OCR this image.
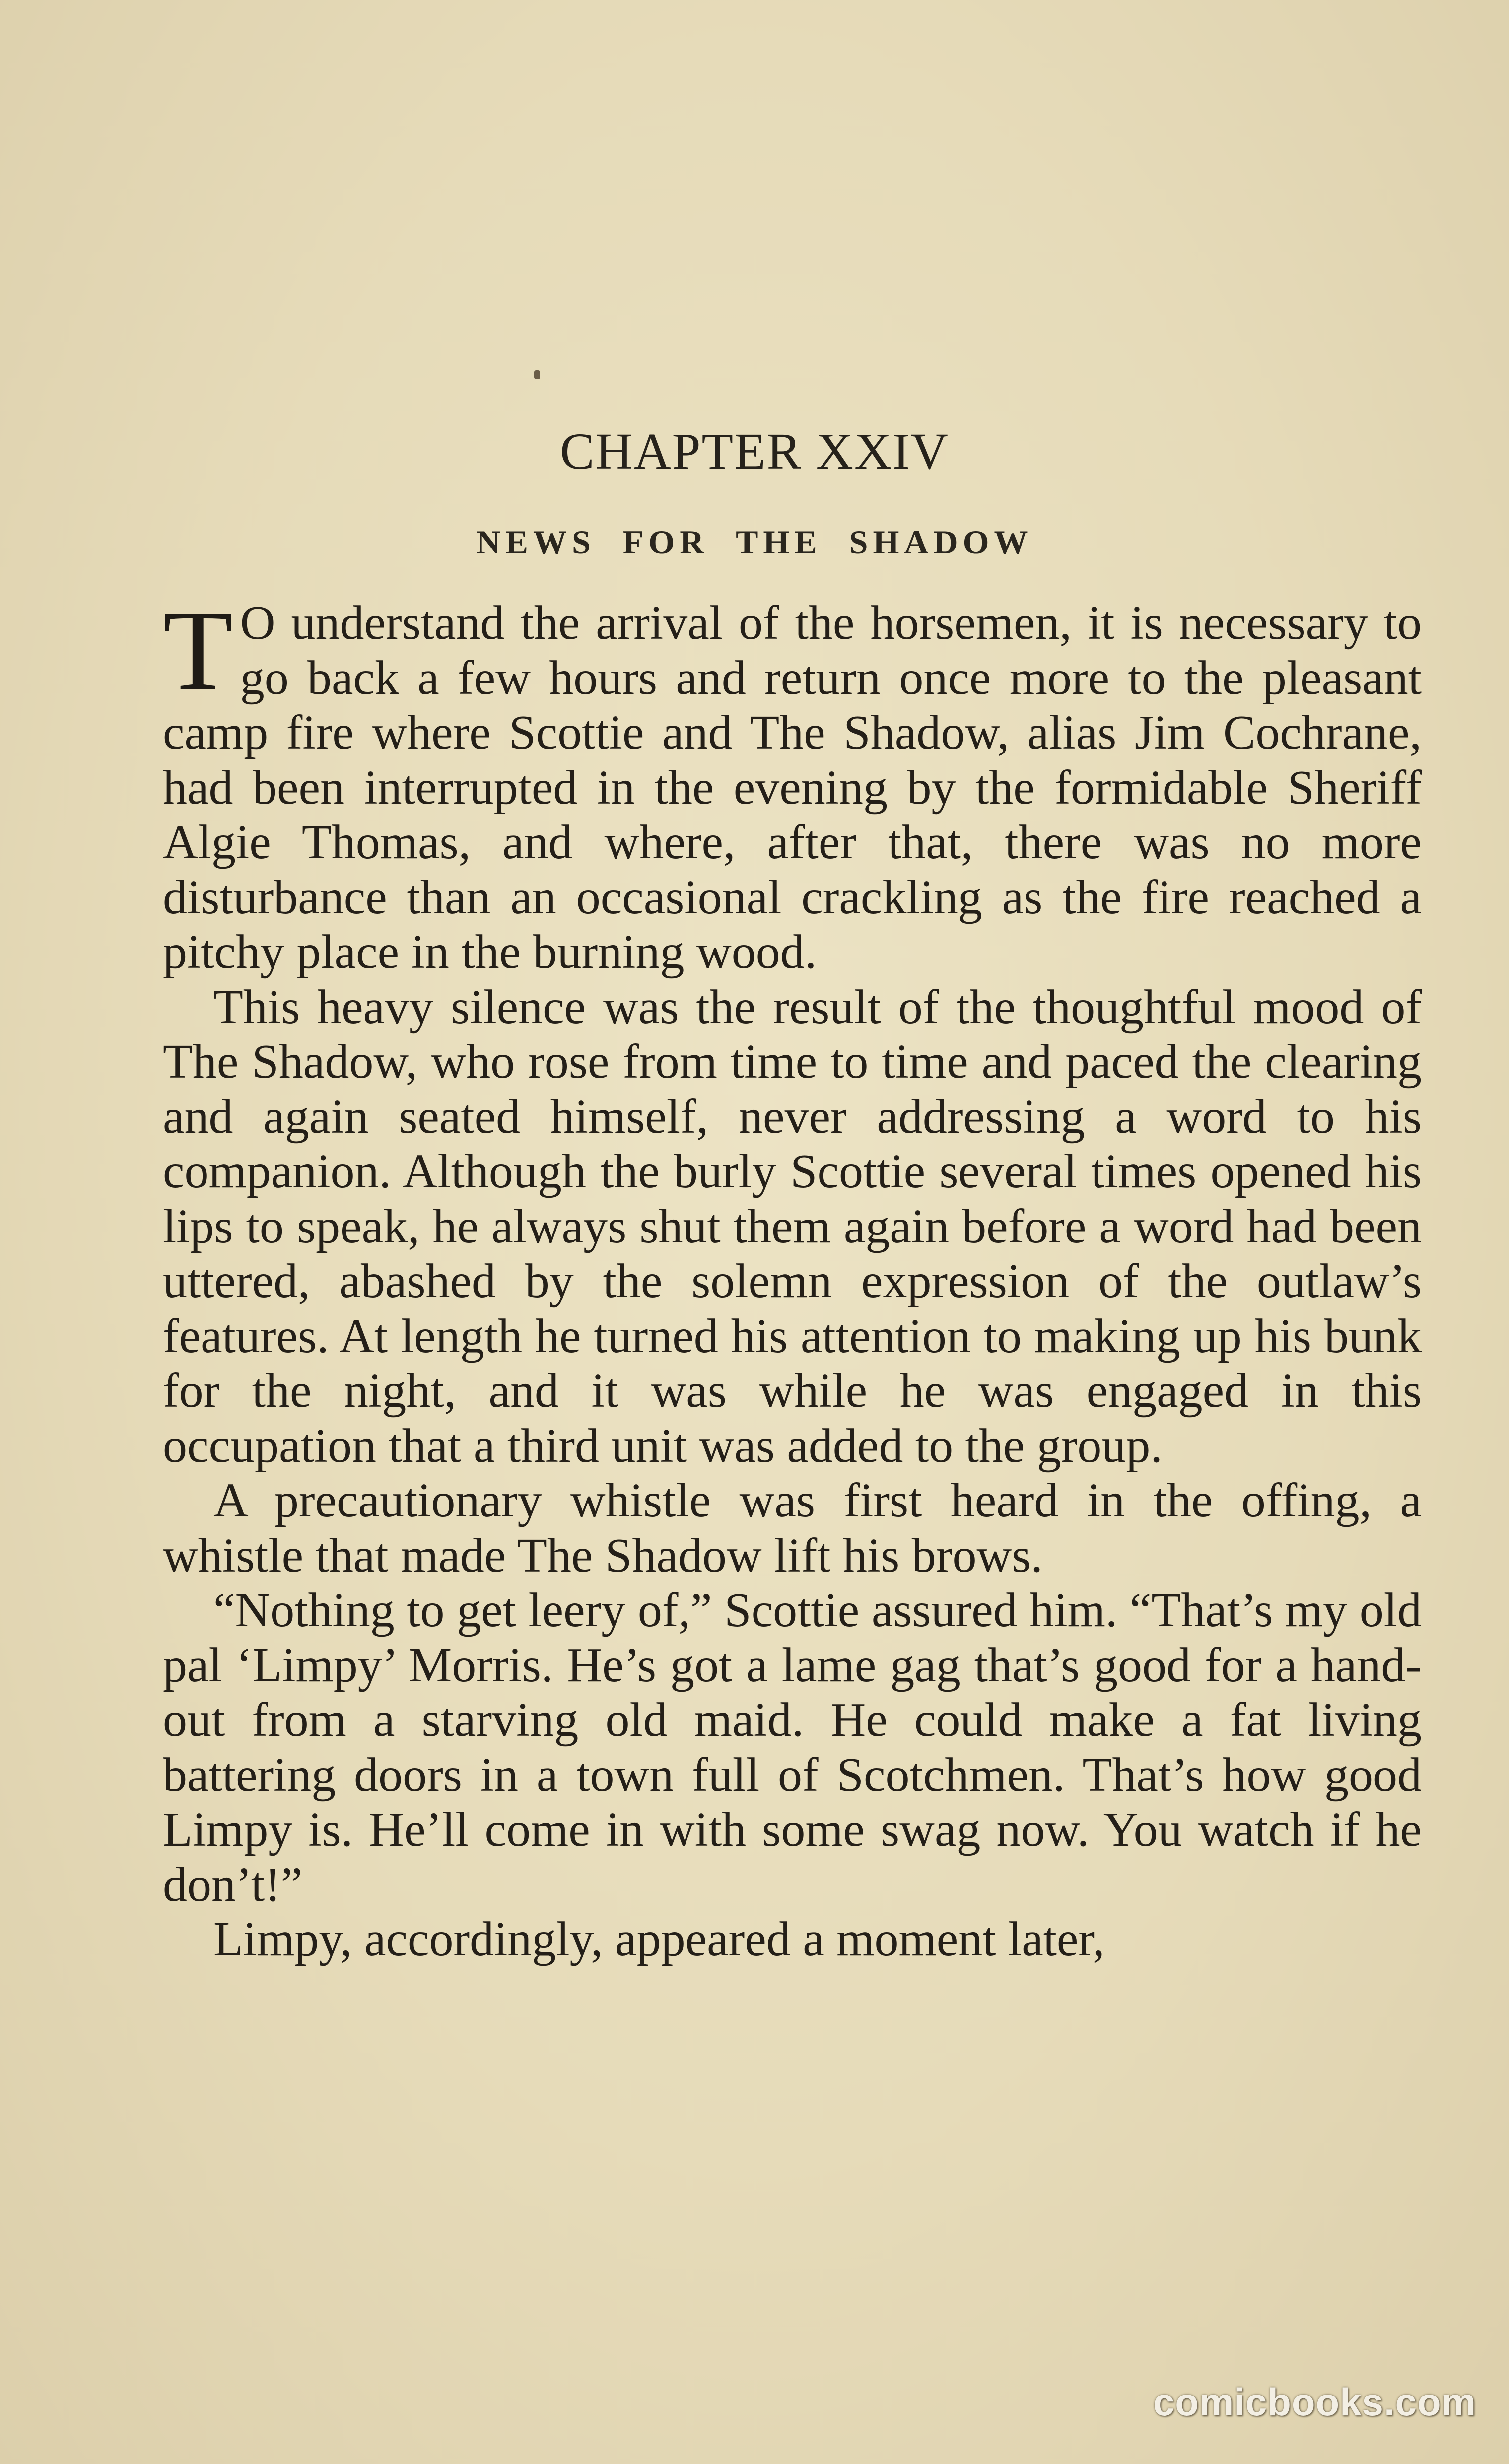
CHAPTER XXIV
NEWS FOR THE SHADOW

T O understand the arrival of the horsemen, it is necessary to go back a few hours and return once more to the pleasant camp fire where Scottie and The Shadow, alias Jim Cochrane, had been interrupted in the evening by the formidable Sheriff Algie Thomas, and where, after that, there was no more disturbance than an occasional crackling as the fire reached a pitchy place in the burning wood.

This heavy silence was the result of the thoughtful mood of The Shadow, who rose from time to time and paced the clearing and again seated himself, never addressing a word to his companion. Although the burly Scottie several times opened his lips to speak, he always shut them again before a word had been uttered, abashed by the solemn expression of the outlaw’s features. At length he turned his attention to making up his bunk for the night, and it was while he was engaged in this occupation that a third unit was added to the group.

A precautionary whistle was first heard in the offing, a whistle that made The Shadow lift his brows.

“Nothing to get leery of,” Scottie assured him. “That’s my old pal ‘Limpy’ Morris. He’s got a lame gag that’s good for a hand-out from a starving old maid. He could make a fat living battering doors in a town full of Scotchmen. That’s how good Limpy is. He’ll come in with some swag now. You watch if he don’t!”

Limpy, accordingly, appeared a moment later,

comicbooks.com
